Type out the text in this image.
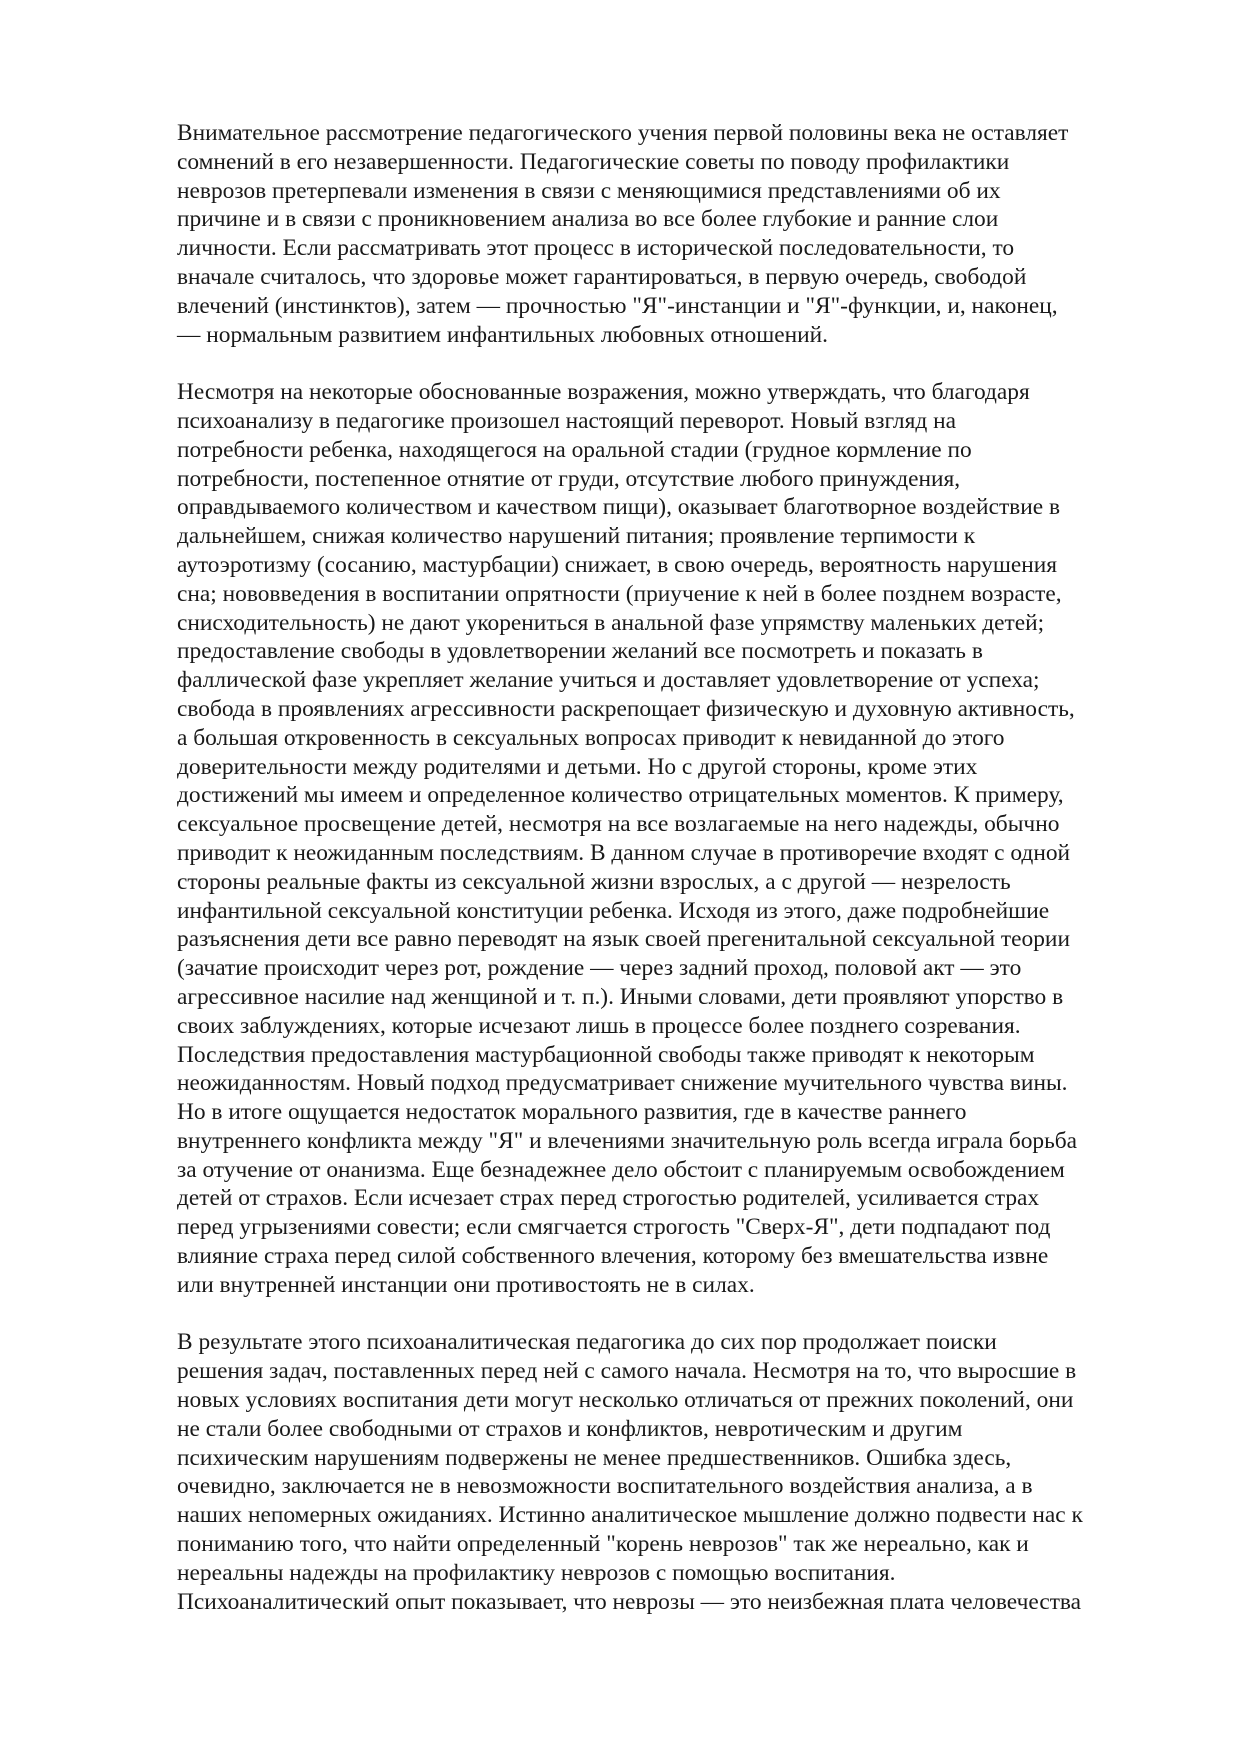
Внимательное рассмотрение педагогического учения первой половины века не оставляет
сомнений в его незавершенности. Педагогические советы по поводу профилактики
неврозов претерпевали изменения в связи с меняющимися представлениями об их
причине и в связи с проникновением анализа во все более глубокие и ранние слои
личности. Если рассматривать этот процесс в исторической последовательности, то
вначале считалось, что здоровье может гарантироваться, в первую очередь, свободой
влечений (инстинктов), затем — прочностью "Я"-инстанции и "Я"-функции, и, наконец,
— нормальным развитием инфантильных любовных отношений.

Несмотря на некоторые обоснованные возражения, можно утверждать, что благодаря
психоанализу в педагогике произошел настоящий переворот. Новый взгляд на
потребности ребенка, находящегося на оральной стадии (грудное кормление по
потребности, постепенное отнятие от груди, отсутствие любого принуждения,
оправдываемого количеством и качеством пищи), оказывает благотворное воздействие в
дальнейшем, снижая количество нарушений питания; проявление терпимости к
аутоэротизму (сосанию, мастурбации) снижает, в свою очередь, вероятность нарушения
сна; нововведения в воспитании опрятности (приучение к ней в более позднем возрасте,
снисходительность) не дают укорениться в анальной фазе упрямству маленьких детей;
предоставление свободы в удовлетворении желаний все посмотреть и показать в
фаллической фазе укрепляет желание учиться и доставляет удовлетворение от успеха;
свобода в проявлениях агрессивности раскрепощает физическую и духовную активность,
а большая откровенность в сексуальных вопросах приводит к невиданной до этого
доверительности между родителями и детьми. Но с другой стороны, кроме этих
достижений мы имеем и определенное количество отрицательных моментов. К примеру,
сексуальное просвещение детей, несмотря на все возлагаемые на него надежды, обычно
приводит к неожиданным последствиям. В данном случае в противоречие входят с одной
стороны реальные факты из сексуальной жизни взрослых, а с другой — незрелость
инфантильной сексуальной конституции ребенка. Исходя из этого, даже подробнейшие
разъяснения дети все равно переводят на язык своей прегенитальной сексуальной теории
(зачатие происходит через рот, рождение — через задний проход, половой акт — это
агрессивное насилие над женщиной и т. п.). Иными словами, дети проявляют упорство в
своих заблуждениях, которые исчезают лишь в процессе более позднего созревания.
Последствия предоставления мастурбационной свободы также приводят к некоторым
неожиданностям. Новый подход предусматривает снижение мучительного чувства вины.
Но в итоге ощущается недостаток морального развития, где в качестве раннего
внутреннего конфликта между "Я" и влечениями значительную роль всегда играла борьба
за отучение от онанизма. Еще безнадежнее дело обстоит с планируемым освобождением
детей от страхов. Если исчезает страх перед строгостью родителей, усиливается страх
перед угрызениями совести; если смягчается строгость "Сверх-Я", дети подпадают под
влияние страха перед силой собственного влечения, которому без вмешательства извне
или внутренней инстанции они противостоять не в силах.

В результате этого психоаналитическая педагогика до сих пор продолжает поиски
решения задач, поставленных перед ней с самого начала. Несмотря на то, что выросшие в
новых условиях воспитания дети могут несколько отличаться от прежних поколений, они
не стали более свободными от страхов и конфликтов, невротическим и другим
психическим нарушениям подвержены не менее предшественников. Ошибка здесь,
очевидно, заключается не в невозможности воспитательного воздействия анализа, а в
наших непомерных ожиданиях. Истинно аналитическое мышление должно подвести нас к
пониманию того, что найти определенный "корень неврозов" так же нереально, как и
нереальны надежды на профилактику неврозов с помощью воспитания.
Психоаналитический опыт показывает, что неврозы — это неизбежная плата человечества
